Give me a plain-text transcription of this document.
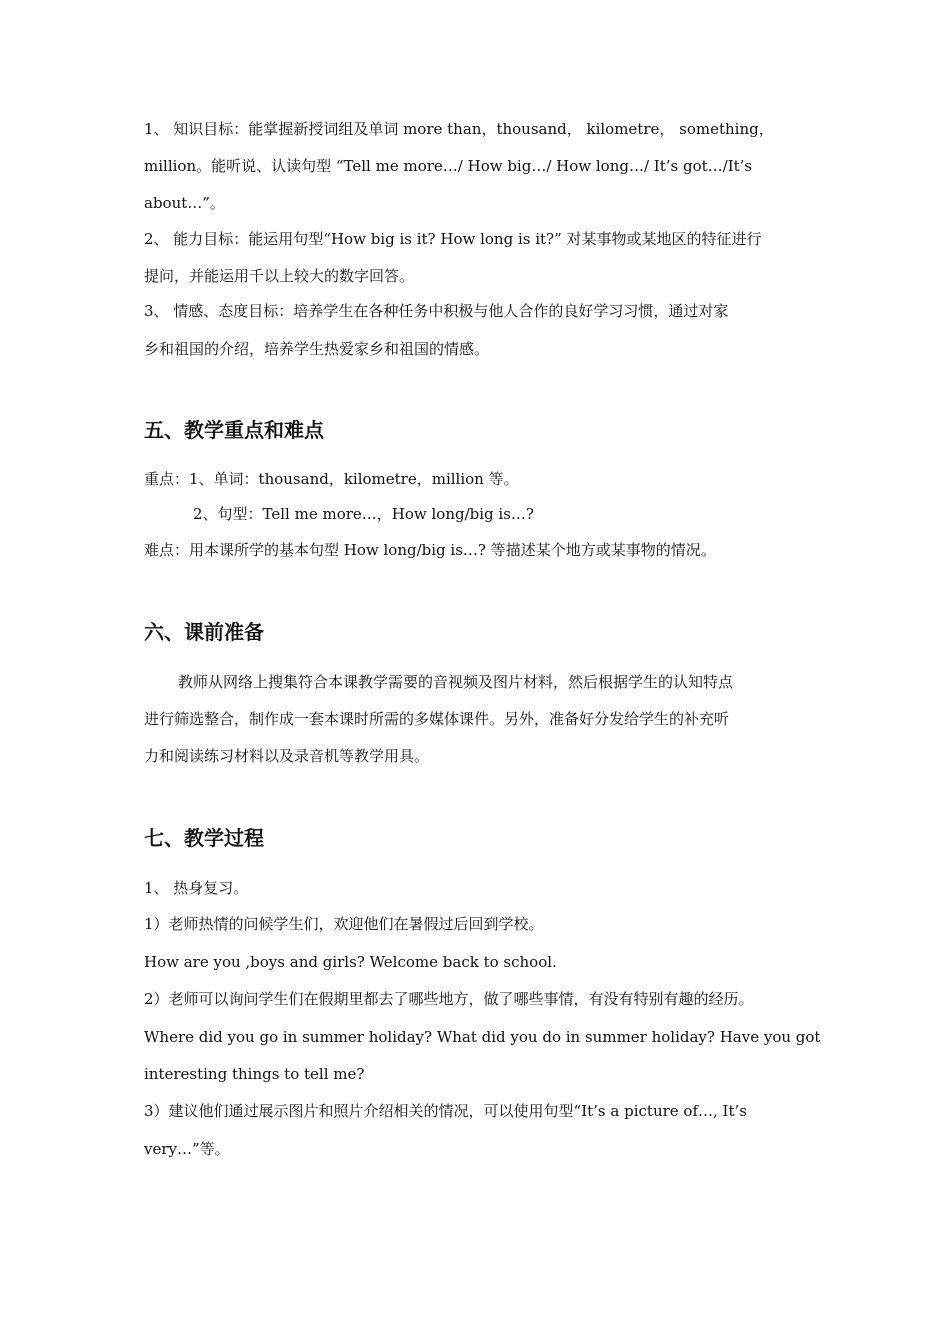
1、 知识目标：能掌握新授词组及单词 more than，thousand， kilometre， something，
million。能听说、认读句型 “Tell me more…/ How big…/ How long…/ It’s got…/It’s
about…”。
2、 能力目标：能运用句型“How big is it? How long is it?” 对某事物或某地区的特征进行
提问，并能运用千以上较大的数字回答。
3、 情感、态度目标：培养学生在各种任务中积极与他人合作的良好学习习惯，通过对家
乡和祖国的介绍，培养学生热爱家乡和祖国的情感。
五、教学重点和难点
重点：1、单词：thousand，kilometre，million 等。
2、句型：Tell me more…，How long/big is…?
难点：用本课所学的基本句型 How long/big is…? 等描述某个地方或某事物的情况。
六、课前准备
教师从网络上搜集符合本课教学需要的音视频及图片材料，然后根据学生的认知特点
进行筛选整合，制作成一套本课时所需的多媒体课件。另外，准备好分发给学生的补充听
力和阅读练习材料以及录音机等教学用具。
七、教学过程
1、 热身复习。
1）老师热情的问候学生们，欢迎他们在暑假过后回到学校。
How are you ,boys and girls? Welcome back to school.
2）老师可以询问学生们在假期里都去了哪些地方，做了哪些事情，有没有特别有趣的经历。
Where did you go in summer holiday? What did you do in summer holiday? Have you got
interesting things to tell me?
3）建议他们通过展示图片和照片介绍相关的情况，可以使用句型“It’s a picture of…, It’s
very…”等。
